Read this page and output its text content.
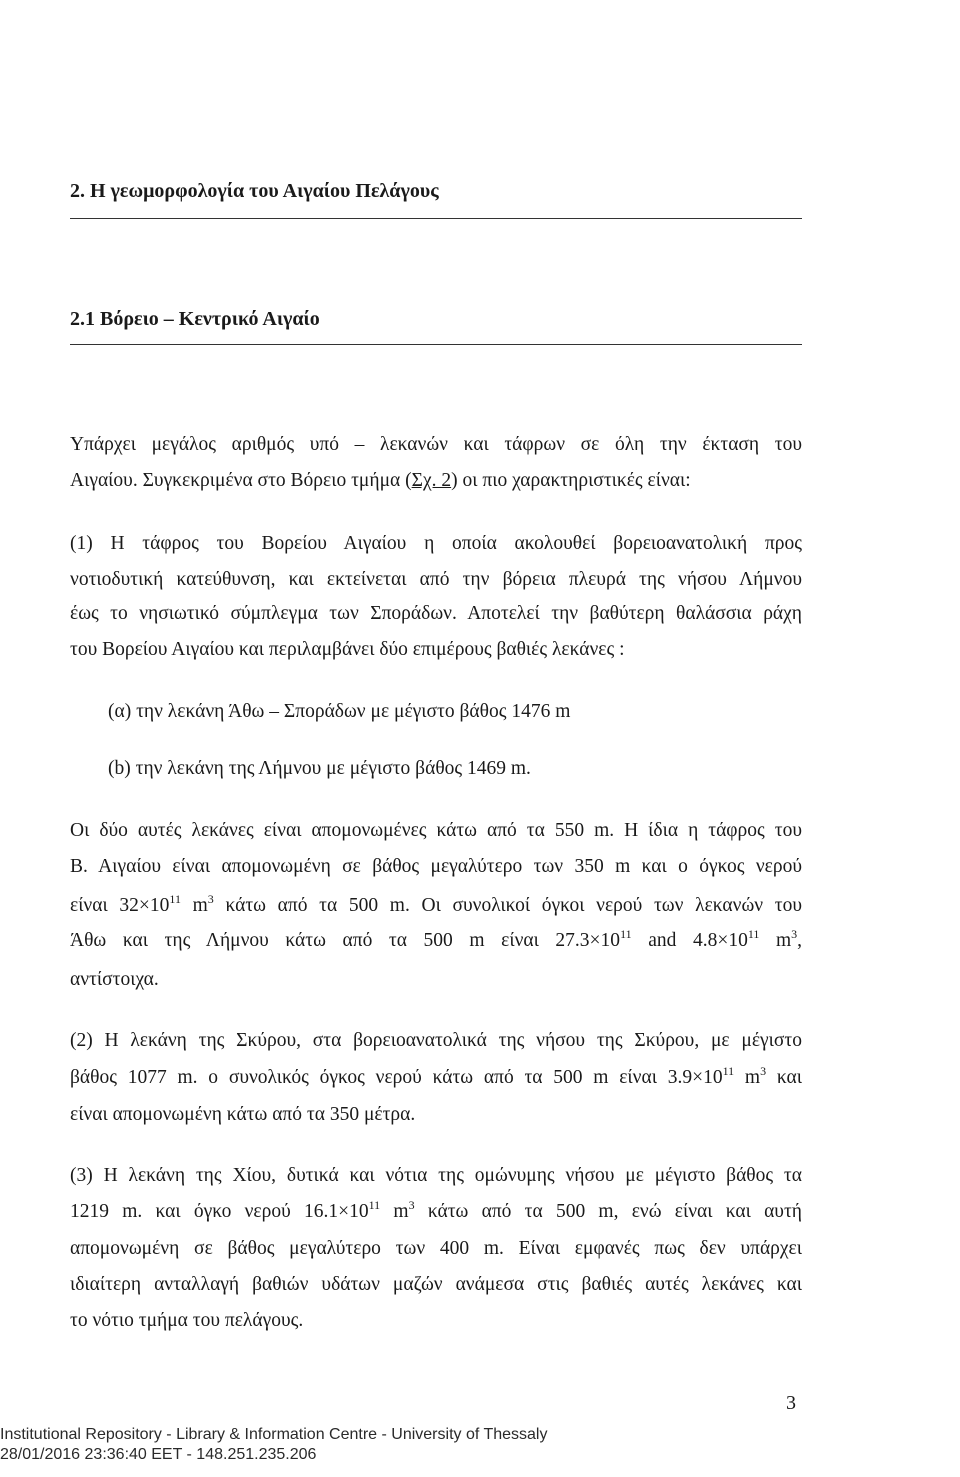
2. Η γεωμορφολογία του Αιγαίου Πελάγους
2.1 Βόρειο – Κεντρικό Αιγαίο
Υπάρχει μεγάλος αριθμός υπό – λεκανών και τάφρων σε όλη την έκταση του
Αιγαίου. Συγκεκριμένα στο Βόρειο τμήμα (Σχ. 2) οι πιο χαρακτηριστικές είναι:
(1) Η τάφρος του Βορείου Αιγαίου η οποία ακολουθεί βορειοανατολική προς
νοτιοδυτική κατεύθυνση, και εκτείνεται από την βόρεια πλευρά της νήσου Λήμνου
έως το νησιωτικό σύμπλεγμα των Σποράδων. Αποτελεί την βαθύτερη θαλάσσια ράχη
του Βορείου Αιγαίου και περιλαμβάνει δύο επιμέρους βαθιές λεκάνες :
(α) την λεκάνη Άθω – Σποράδων με μέγιστο βάθος 1476 m
(b) την λεκάνη της Λήμνου με μέγιστο βάθος 1469 m.
Οι δύο αυτές λεκάνες είναι απομονωμένες κάτω από τα 550 m. Η ίδια η τάφρος του
Β. Αιγαίου είναι απομονωμένη σε βάθος μεγαλύτερο των 350 m και ο όγκος νερού
είναι $32\times 10^{11}$ $m^3$ κάτω από τα 500 m. Οι συνολικοί όγκοι νερού των λεκανών του
Άθω και της Λήμνου κάτω από τα 500 m είναι $27.3\times 10^{11}$ and $4.8\times 10^{11}$ $m^3$,
αντίστοιχα.
(2) Η λεκάνη της Σκύρου, στα βορειοανατολικά της νήσου της Σκύρου, με μέγιστο
βάθος 1077 m. ο συνολικός όγκος νερού κάτω από τα 500 m είναι $3.9\times 10^{11}$ $m^3$ και
είναι απομονωμένη κάτω από τα 350 μέτρα.
(3) Η λεκάνη της Χίου, δυτικά και νότια της ομώνυμης νήσου με μέγιστο βάθος τα
1219 m. και όγκο νερού $16.1\times 10^{11}$ $m^3$ κάτω από τα 500 m, ενώ είναι και αυτή
απομονωμένη σε βάθος μεγαλύτερο των 400 m. Είναι εμφανές πως δεν υπάρχει
ιδιαίτερη ανταλλαγή βαθιών υδάτων μαζών ανάμεσα στις βαθιές αυτές λεκάνες και
το νότιο τμήμα του πελάγους.
3
Institutional Repository - Library & Information Centre - University of Thessaly
28/01/2016 23:36:40 EET - 148.251.235.206
